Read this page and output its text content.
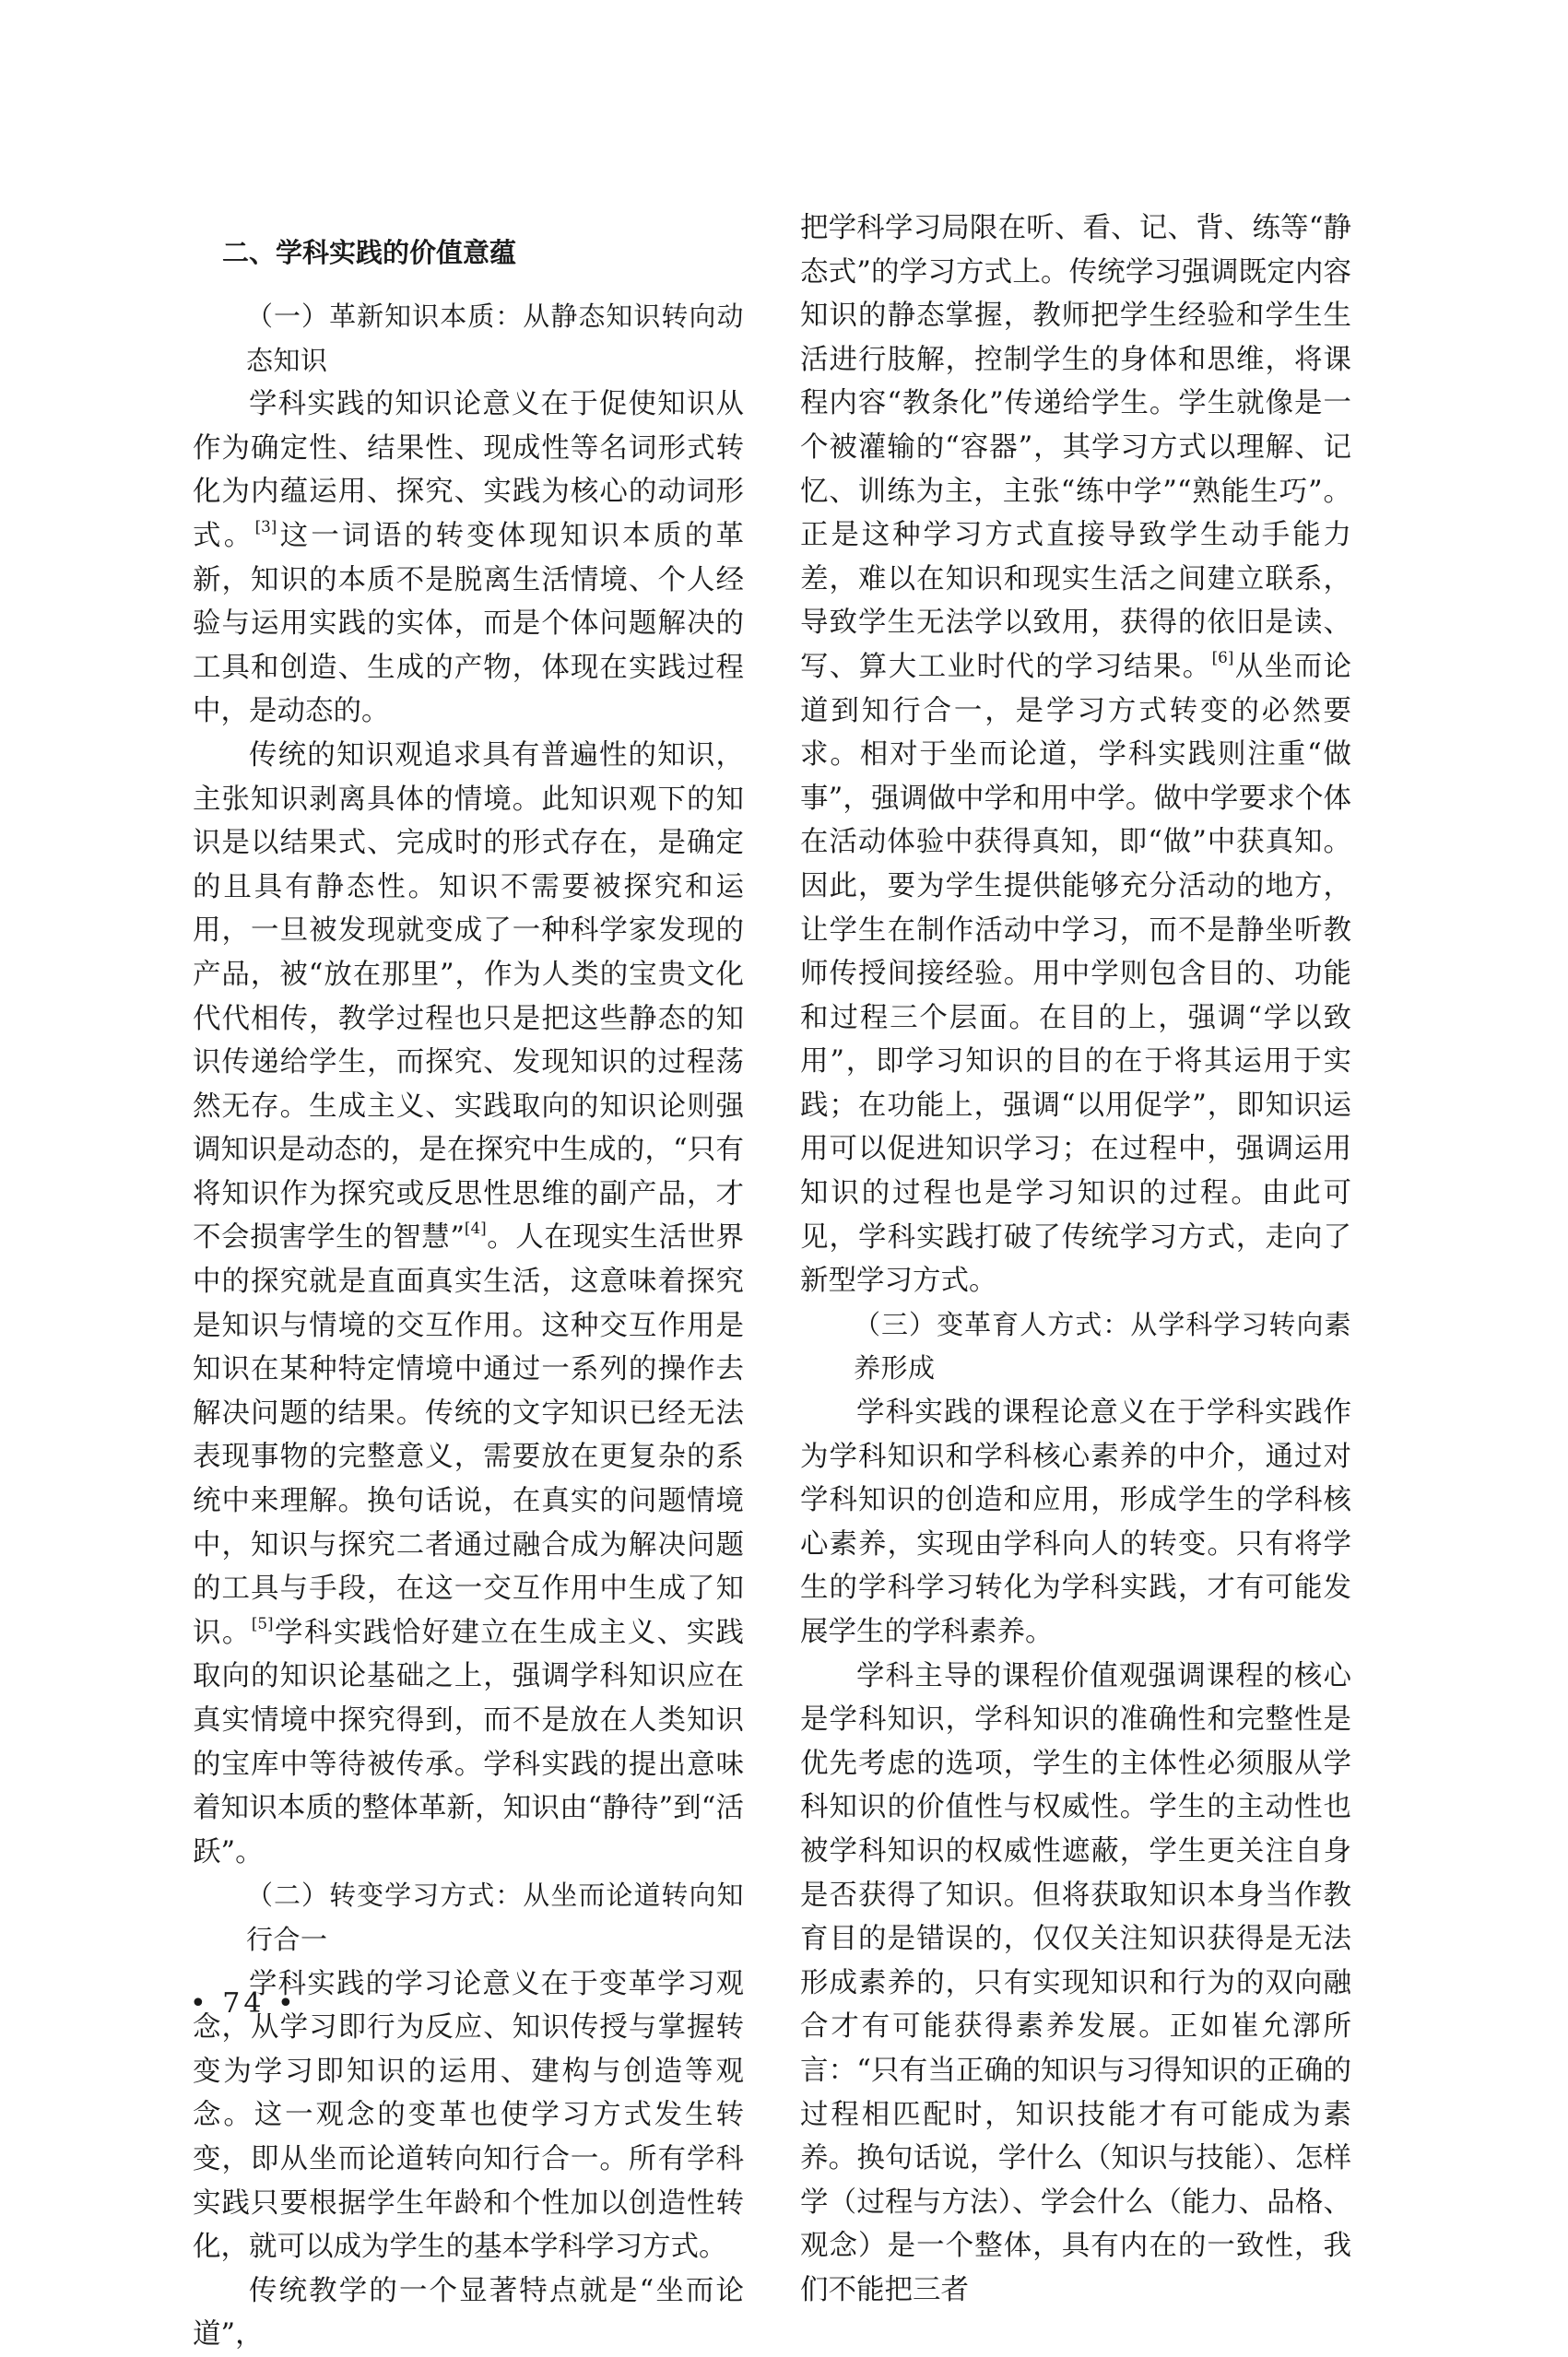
二、学科实践的价值意蕴
（一）革新知识本质：从静态知识转向动态知识

学科实践的知识论意义在于促使知识从作为确定性、结果性、现成性等名词形式转化为内蕴运用、探究、实践为核心的动词形式。[3]这一词语的转变体现知识本质的革新，知识的本质不是脱离生活情境、个人经验与运用实践的实体，而是个体问题解决的工具和创造、生成的产物，体现在实践过程中，是动态的。

传统的知识观追求具有普遍性的知识，主张知识剥离具体的情境。此知识观下的知识是以结果式、完成时的形式存在，是确定的且具有静态性。知识不需要被探究和运用，一旦被发现就变成了一种科学家发现的产品，被“放在那里”，作为人类的宝贵文化代代相传，教学过程也只是把这些静态的知识传递给学生，而探究、发现知识的过程荡然无存。生成主义、实践取向的知识论则强调知识是动态的，是在探究中生成的，“只有将知识作为探究或反思性思维的副产品，才不会损害学生的智慧”[4]。人在现实生活世界中的探究就是直面真实生活，这意味着探究是知识与情境的交互作用。这种交互作用是知识在某种特定情境中通过一系列的操作去解决问题的结果。传统的文字知识已经无法表现事物的完整意义，需要放在更复杂的系统中来理解。换句话说，在真实的问题情境中，知识与探究二者通过融合成为解决问题的工具与手段，在这一交互作用中生成了知识。[5]学科实践恰好建立在生成主义、实践取向的知识论基础之上，强调学科知识应在真实情境中探究得到，而不是放在人类知识的宝库中等待被传承。学科实践的提出意味着知识本质的整体革新，知识由“静待”到“活跃”。

（二）转变学习方式：从坐而论道转向知行合一

学科实践的学习论意义在于变革学习观念，从学习即行为反应、知识传授与掌握转变为学习即知识的运用、建构与创造等观念。这一观念的变革也使学习方式发生转变，即从坐而论道转向知行合一。所有学科实践只要根据学生年龄和个性加以创造性转化，就可以成为学生的基本学科学习方式。

传统教学的一个显著特点就是“坐而论道”，

把学科学习局限在听、看、记、背、练等“静态式”的学习方式上。传统学习强调既定内容知识的静态掌握，教师把学生经验和学生生活进行肢解，控制学生的身体和思维，将课程内容“教条化”传递给学生。学生就像是一个被灌输的“容器”，其学习方式以理解、记忆、训练为主，主张“练中学”“熟能生巧”。正是这种学习方式直接导致学生动手能力差，难以在知识和现实生活之间建立联系，导致学生无法学以致用，获得的依旧是读、写、算大工业时代的学习结果。[6]从坐而论道到知行合一，是学习方式转变的必然要求。相对于坐而论道，学科实践则注重“做事”，强调做中学和用中学。做中学要求个体在活动体验中获得真知，即“做”中获真知。因此，要为学生提供能够充分活动的地方，让学生在制作活动中学习，而不是静坐听教师传授间接经验。用中学则包含目的、功能和过程三个层面。在目的上，强调“学以致用”，即学习知识的目的在于将其运用于实践；在功能上，强调“以用促学”，即知识运用可以促进知识学习；在过程中，强调运用知识的过程也是学习知识的过程。由此可见，学科实践打破了传统学习方式，走向了新型学习方式。

（三）变革育人方式：从学科学习转向素养形成

学科实践的课程论意义在于学科实践作为学科知识和学科核心素养的中介，通过对学科知识的创造和应用，形成学生的学科核心素养，实现由学科向人的转变。只有将学生的学科学习转化为学科实践，才有可能发展学生的学科素养。

学科主导的课程价值观强调课程的核心是学科知识，学科知识的准确性和完整性是优先考虑的选项，学生的主体性必须服从学科知识的价值性与权威性。学生的主动性也被学科知识的权威性遮蔽，学生更关注自身是否获得了知识。但将获取知识本身当作教育目的是错误的，仅仅关注知识获得是无法形成素养的，只有实现知识和行为的双向融合才有可能获得素养发展。正如崔允漷所言：“只有当正确的知识与习得知识的正确的过程相匹配时，知识技能才有可能成为素养。换句话说，学什么（知识与技能）、怎样学（过程与方法）、学会什么（能力、品格、观念）是一个整体，具有内在的一致性，我们不能把三者

• 74 •
